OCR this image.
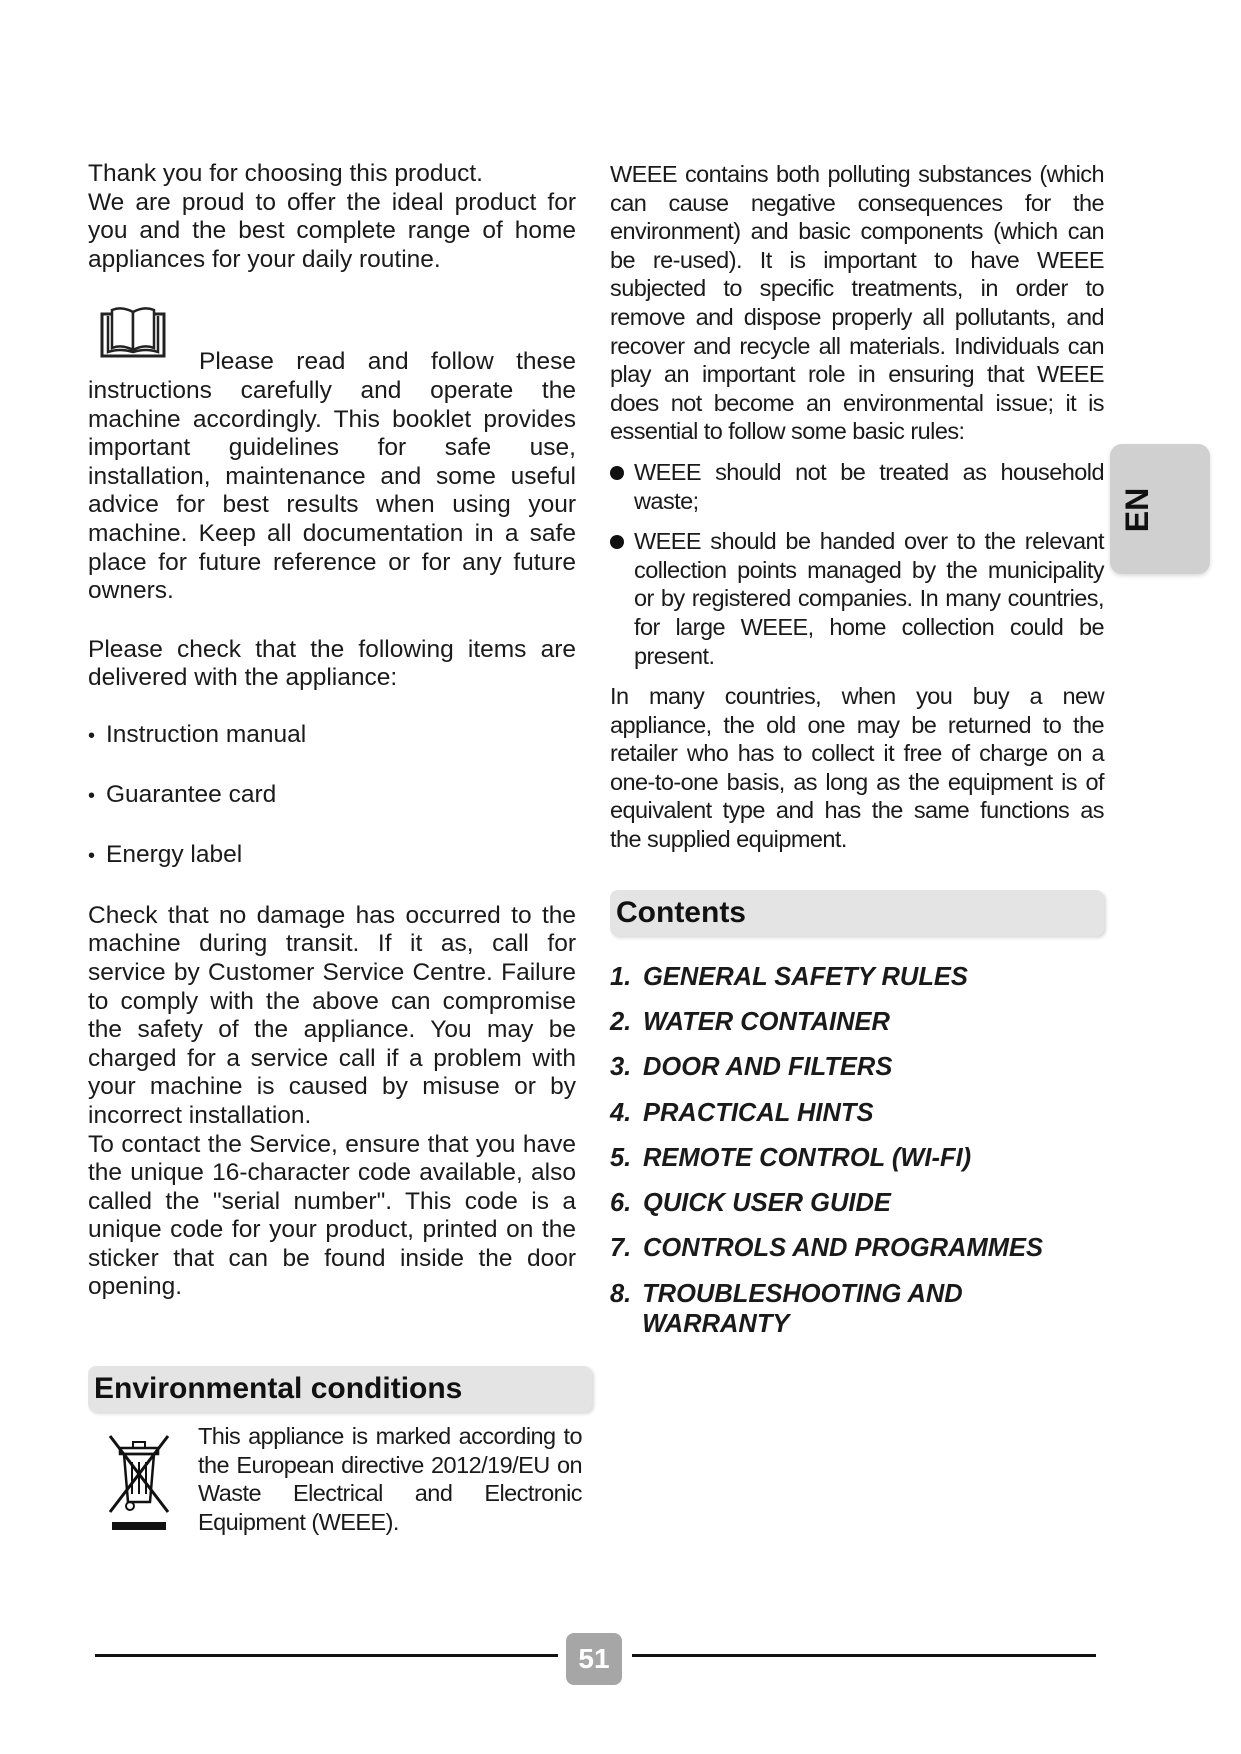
Thank you for choosing this product.

We are proud to offer the ideal product for you and the best complete range of home appliances for your daily routine.

Please read and follow these instructions carefully and operate the machine accordingly. This booklet provides important guidelines for safe use, installation, maintenance and some useful advice for best results when using your machine. Keep all documentation in a safe place for future reference or for any future owners.

Please check that the following items are delivered with the appliance:

• Instruction manual
• Guarantee card
• Energy label

Check that no damage has occurred to the machine during transit. If it as, call for service by Customer Service Centre. Failure to comply with the above can compromise the safety of the appliance. You may be charged for a service call if a problem with your machine is caused by misuse or by incorrect installation.

To contact the Service, ensure that you have the unique 16-character code available, also called the "serial number". This code is a unique code for your product, printed on the sticker that can be found inside the door opening.

Environmental conditions

This appliance is marked according to the European directive 2012/19/EU on Waste Electrical and Electronic Equipment (WEEE).

WEEE contains both polluting substances (which can cause negative consequences for the environment) and basic components (which can be re-used). It is important to have WEEE subjected to specific treatments, in order to remove and dispose properly all pollutants, and recover and recycle all materials. Individuals can play an important role in ensuring that WEEE does not become an environmental issue; it is essential to follow some basic rules:

WEEE should not be treated as household waste;
WEEE should be handed over to the relevant collection points managed by the municipality or by registered companies. In many countries, for large WEEE, home collection could be present.

In many countries, when you buy a new appliance, the old one may be returned to the retailer who has to collect it free of charge on a one-to-one basis, as long as the equipment is of equivalent type and has the same functions as the supplied equipment.

Contents
1. GENERAL SAFETY RULES
2. WATER CONTAINER
3. DOOR AND FILTERS
4. PRACTICAL HINTS
5. REMOTE CONTROL (WI-FI)
6. QUICK USER GUIDE
7. CONTROLS AND PROGRAMMES
8. TROUBLESHOOTING AND WARRANTY
EN
51
